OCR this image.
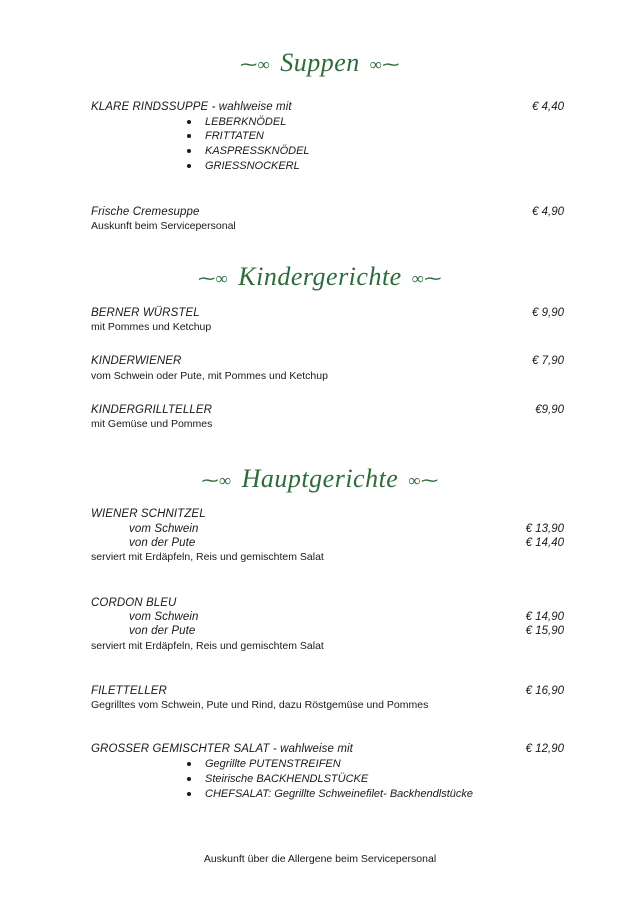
⁓∞ Suppen ∞⁓
KLARE RINDSSUPPE - wahlweise mit	€ 4,40
LEBERKNÖDEL
FRITTATEN
KASPRESSKNÖDEL
GRIESSNOCKERL
Frische Cremesuppe	€ 4,90
Auskunft beim Servicepersonal
⁓∞ Kindergerichte ∞⁓
BERNER WÜRSTEL	€ 9,90
mit Pommes und Ketchup
KINDERWIENER	€ 7,90
vom Schwein oder Pute, mit Pommes und Ketchup
KINDERGRILLTELLER	€9,90
mit Gemüse und Pommes
⁓∞ Hauptgerichte ∞⁓
WIENER SCHNITZEL
vom Schwein	€ 13,90
von der Pute	€ 14,40
serviert mit Erdäpfeln, Reis und gemischtem Salat
CORDON BLEU
vom Schwein	€ 14,90
von der Pute	€ 15,90
serviert mit Erdäpfeln, Reis und gemischtem Salat
FILETTELLER	€ 16,90
Gegrilltes vom Schwein, Pute und Rind, dazu Röstgemüse und Pommes
GROSSER GEMISCHTER SALAT - wahlweise mit	€ 12,90
Gegrillte PUTENSTREIFEN
Steirische BACKHENDLSTÜCKE
CHEFSALAT: Gegrillte Schweinefilet- Backhendlstücke
Auskunft über die Allergene beim Servicepersonal
